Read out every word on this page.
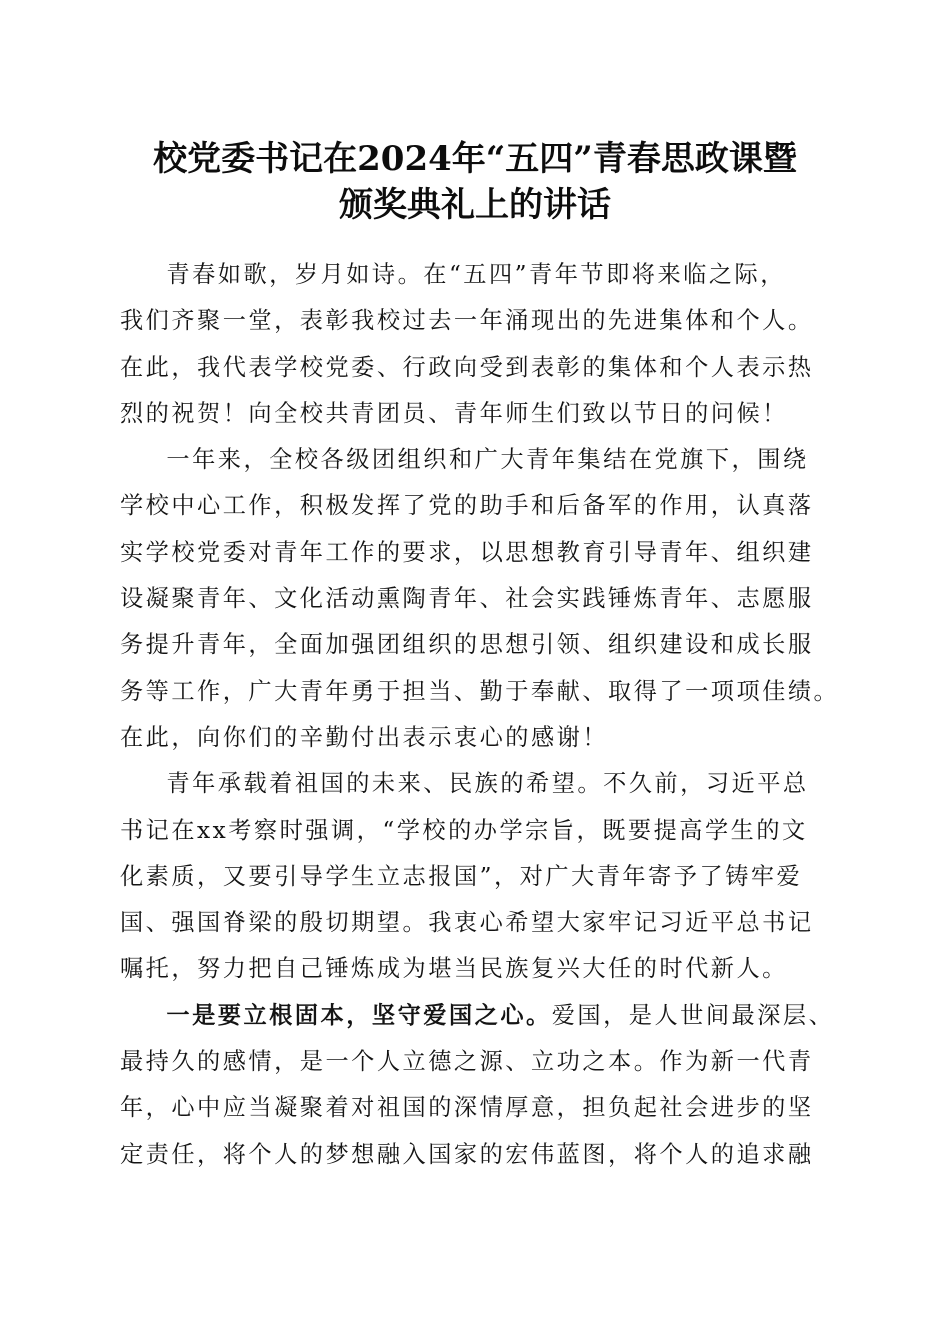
校党委书记在2024年“五四”青春思政课暨
颁奖典礼上的讲话

青春如歌，岁月如诗。在“五四”青年节即将来临之际，
我们齐聚一堂，表彰我校过去一年涌现出的先进集体和个人。
在此，我代表学校党委、行政向受到表彰的集体和个人表示热
烈的祝贺！向全校共青团员、青年师生们致以节日的问候！

一年来，全校各级团组织和广大青年集结在党旗下，围绕
学校中心工作，积极发挥了党的助手和后备军的作用，认真落
实学校党委对青年工作的要求，以思想教育引导青年、组织建
设凝聚青年、文化活动熏陶青年、社会实践锤炼青年、志愿服
务提升青年，全面加强团组织的思想引领、组织建设和成长服
务等工作，广大青年勇于担当、勤于奉献、取得了一项项佳绩。
在此，向你们的辛勤付出表示衷心的感谢！

青年承载着祖国的未来、民族的希望。不久前，习近平总
书记在xx考察时强调，“学校的办学宗旨，既要提高学生的文
化素质，又要引导学生立志报国”，对广大青年寄予了铸牢爱
国、强国脊梁的殷切期望。我衷心希望大家牢记习近平总书记
嘱托，努力把自己锤炼成为堪当民族复兴大任的时代新人。

一是要立根固本，坚守爱国之心。爱国，是人世间最深层、
最持久的感情，是一个人立德之源、立功之本。作为新一代青
年，心中应当凝聚着对祖国的深情厚意，担负起社会进步的坚
定责任，将个人的梦想融入国家的宏伟蓝图，将个人的追求融
